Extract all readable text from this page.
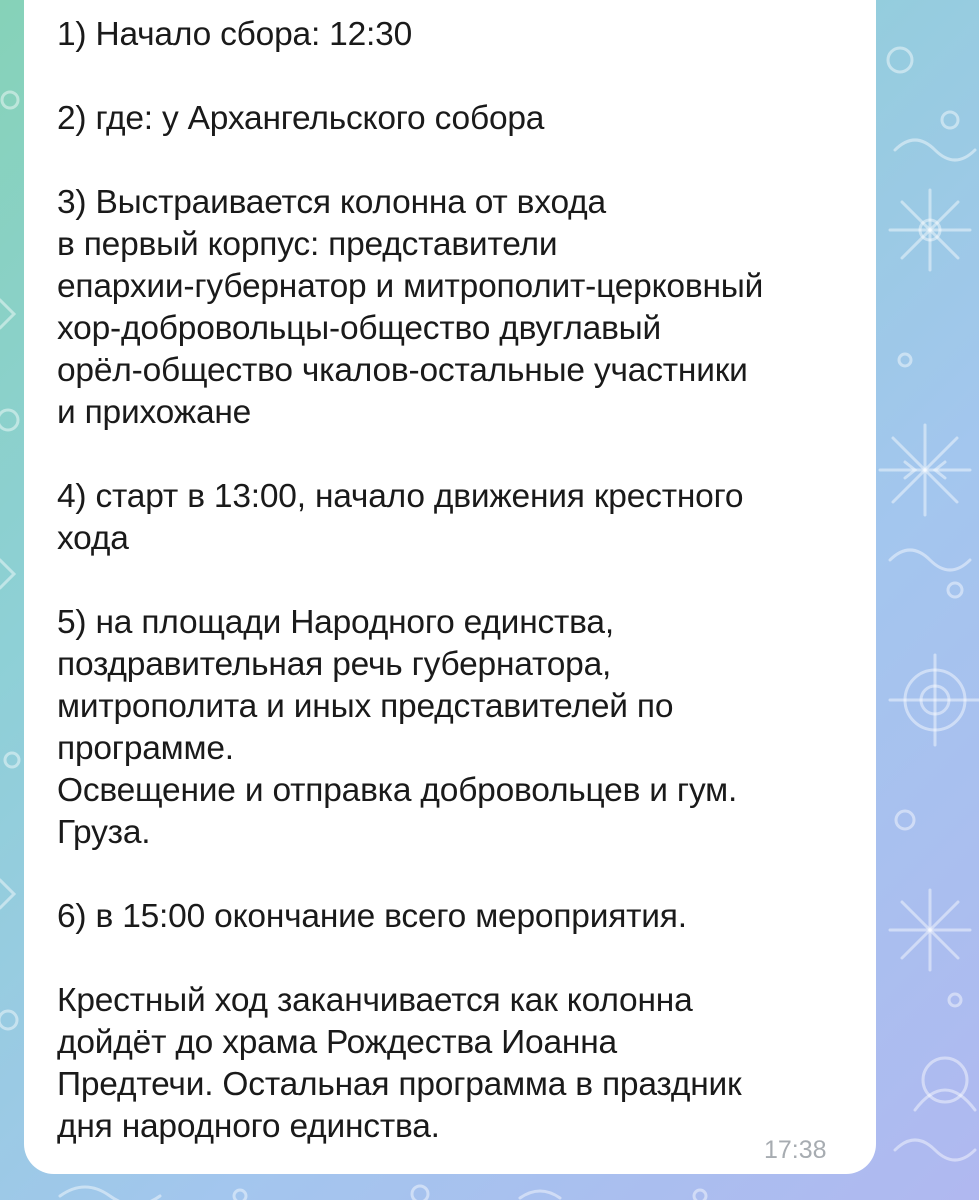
1) Начало сбора: 12:30
2) где: у Архангельского собора
3) Выстраивается колонна от входа
в первый корпус: представители
епархии-губернатор и митрополит-церковный
хор-добровольцы-общество двуглавый
орёл-общество чкалов-остальные участники
и прихожане
4) старт в 13:00, начало движения крестного
хода
5) на площади Народного единства,
поздравительная речь губернатора,
митрополита и иных представителей по
программе.
Освещение и отправка добровольцев и гум.
Груза.
6) в 15:00 окончание всего мероприятия.
Крестный ход заканчивается как колонна
дойдёт до храма Рождества Иоанна
Предтечи. Остальная программа в праздник
дня народного единства.
17:38
